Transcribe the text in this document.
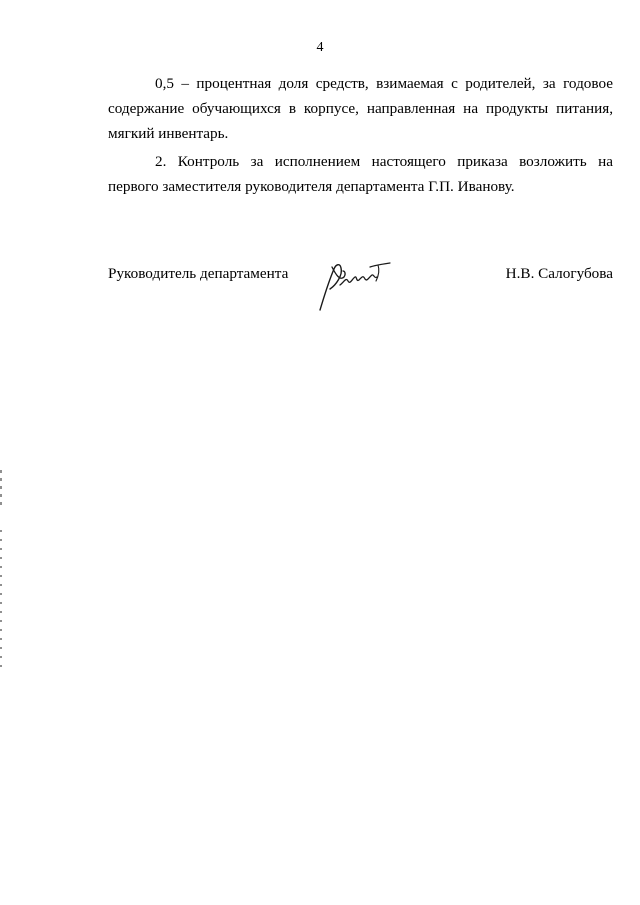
4

0,5 – процентная доля средств, взимаемая с родителей, за годовое содержание обучающихся в корпусе, направленная на продукты питания, мягкий инвентарь.

2. Контроль за исполнением настоящего приказа возложить на первого заместителя руководителя департамента Г.П. Иванову.

Руководитель департамента	Н.В. Салогубова
